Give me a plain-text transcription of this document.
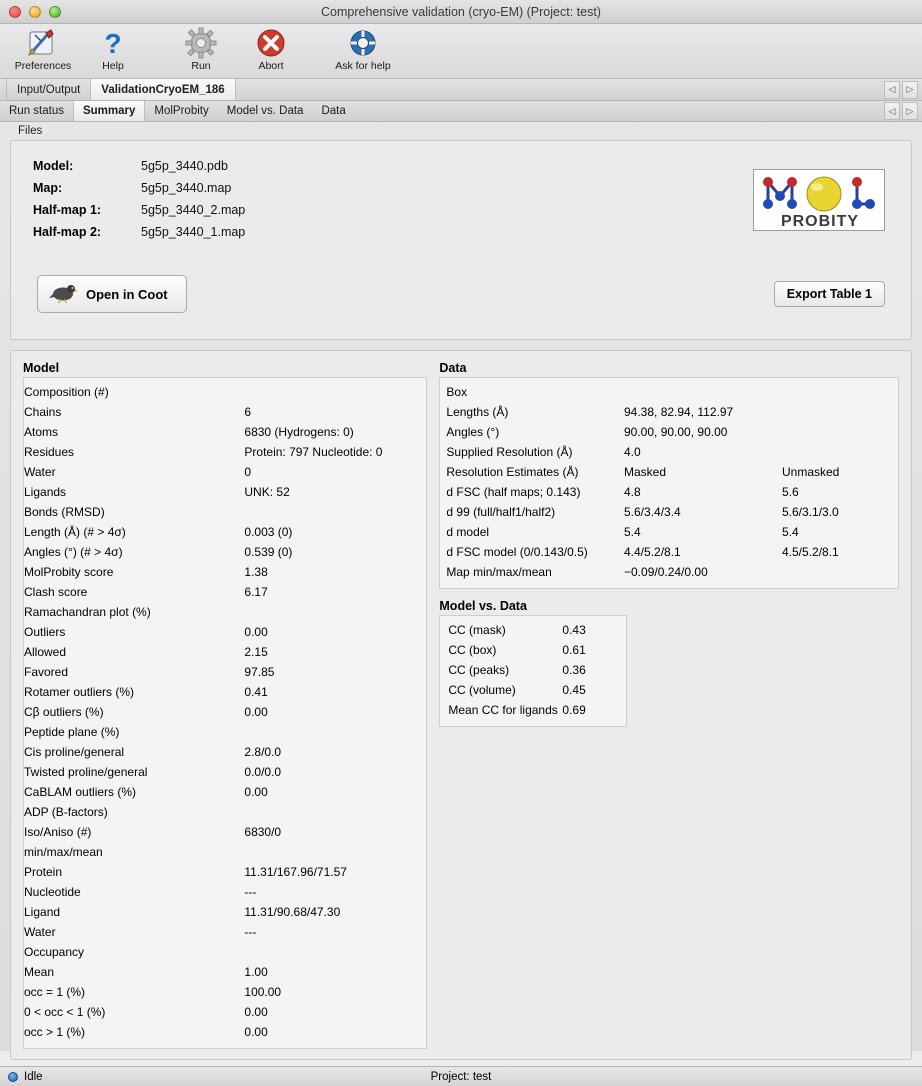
Comprehensive validation (cryo-EM) (Project: test)
Preferences
?
Help	Run	Abort	Ask for help
Input/Output	ValidationCryoEM_186	◁	▷
Run status	Summary	MolProbity	Model vs. Data	Data	◁	▷
Files
Model:	5g5p_3440.pdb
Map:	5g5p_3440.map
Half-map 1:	5g5p_3440_2.map
Half-map 2:	5g5p_3440_1.map
PROBITY
Open in Coot	Export Table 1
Model
Composition (#)	
Chains	6
Atoms	6830 (Hydrogens: 0)
Residues	Protein: 797 Nucleotide: 0
Water	0
Ligands	UNK: 52
Bonds (RMSD)	
Length (Å) (# > 4σ)	0.003 (0)
Angles (°) (# > 4σ)	0.539 (0)
MolProbity score	1.38
Clash score	6.17
Ramachandran plot (%)	
Outliers	0.00
Allowed	2.15
Favored	97.85
Rotamer outliers (%)	0.41
Cβ outliers (%)	0.00
Peptide plane (%)	
Cis proline/general	2.8/0.0
Twisted proline/general	0.0/0.0
CaBLAM outliers (%)	0.00
ADP (B-factors)	
Iso/Aniso (#)	6830/0
min/max/mean	
Protein	11.31/167.96/71.57
Nucleotide	---
Ligand	11.31/90.68/47.30
Water	---
Occupancy	
Mean	1.00
occ = 1 (%)	100.00
0 < occ < 1 (%)	0.00
occ > 1 (%)	0.00
Data
Box		
Lengths (Å)	94.38, 82.94, 112.97	
Angles (°)	90.00, 90.00, 90.00	
Supplied Resolution (Å)	4.0	
Resolution Estimates (Å)	Masked	Unmasked
d FSC (half maps; 0.143)	4.8	5.6
d 99 (full/half1/half2)	5.6/3.4/3.4	5.6/3.1/3.0
d model	5.4	5.4
d FSC model (0/0.143/0.5)	4.4/5.2/8.1	4.5/5.2/8.1
Map min/max/mean	−0.09/0.24/0.00	
Model vs. Data
CC (mask)	0.43
CC (box)	0.61
CC (peaks)	0.36
CC (volume)	0.45
Mean CC for ligands	0.69
Idle	Project: test
